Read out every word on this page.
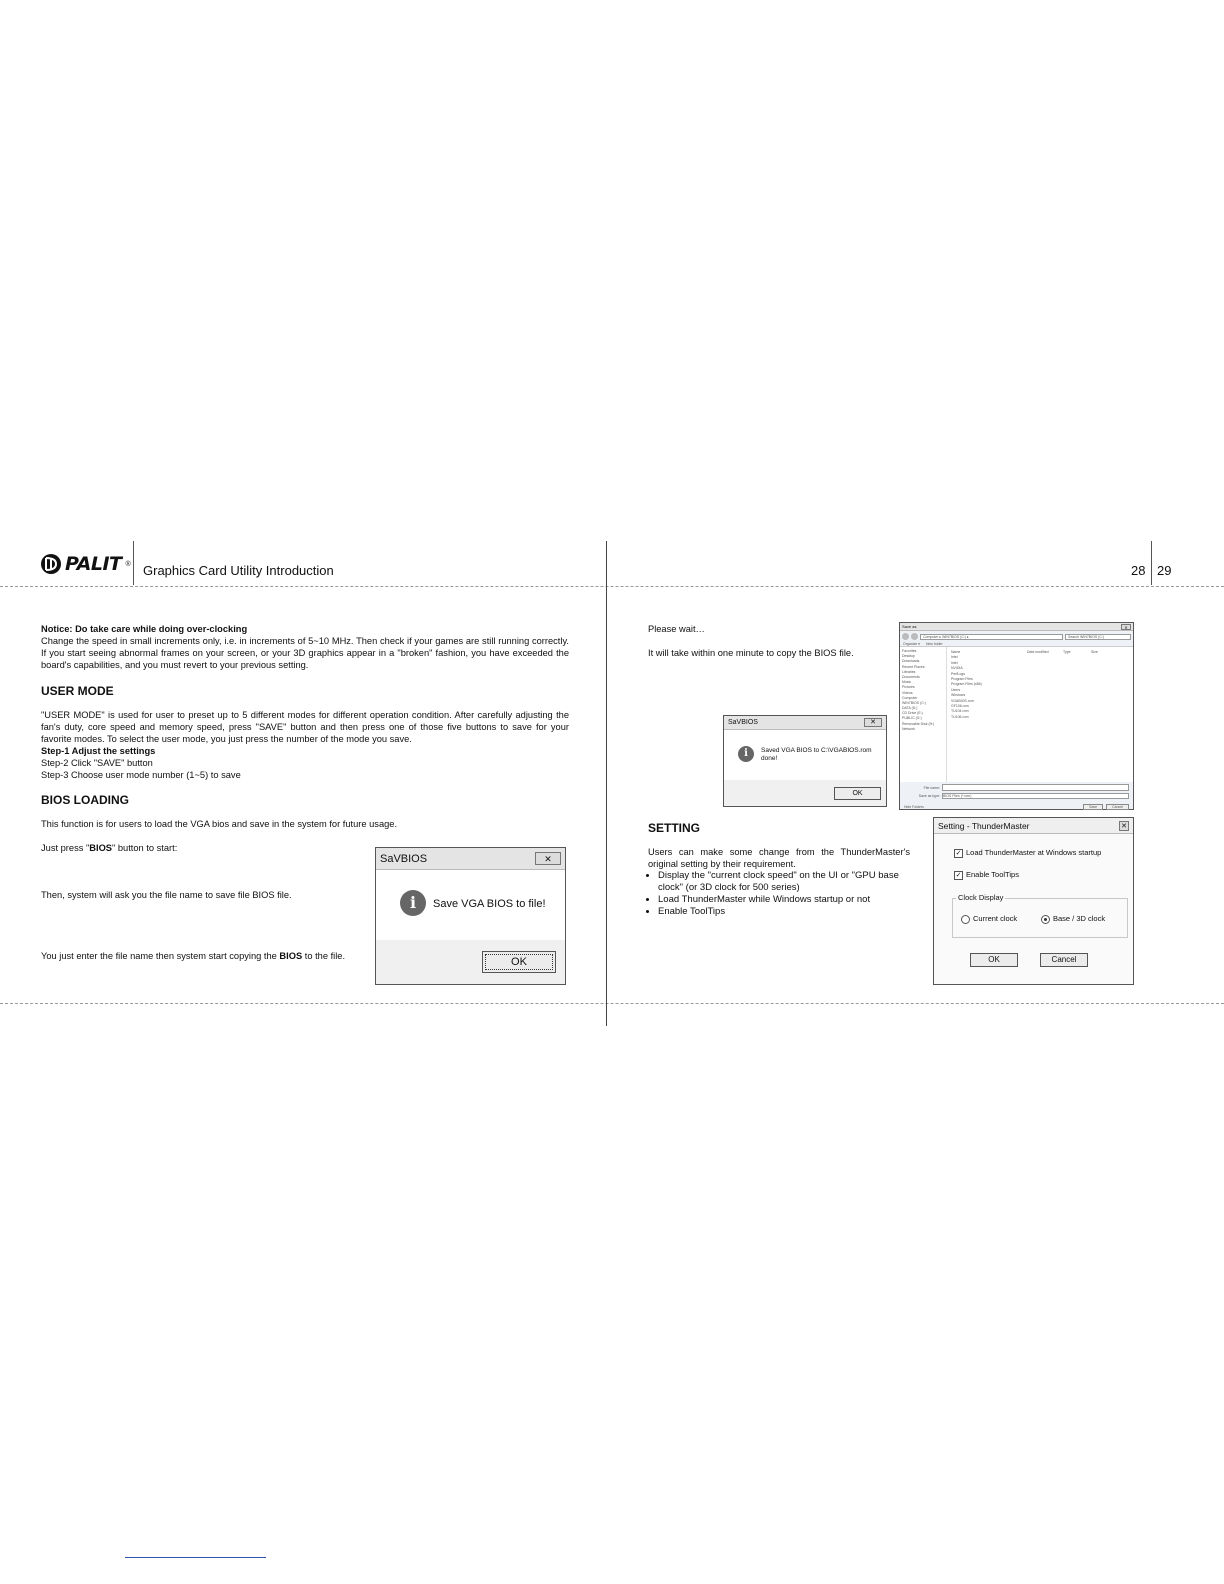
PALIT ® Graphics Card Utility Introduction	28 29

Notice: Do take care while doing over-clocking

Change the speed in small increments only, i.e. in increments of 5~10 MHz. Then check if your games are still running correctly. If you start seeing abnormal frames on your screen, or your 3D graphics appear in a "broken" fashion, you have exceeded the board's capabilities, and you must revert to your previous setting.

USER MODE

"USER MODE" is used for user to preset up to 5 different modes for different operation condition. After carefully adjusting the fan's duty, core speed and memory speed, press "SAVE" button and then press one of those five buttons to save for your favorite modes. To select the user mode, you just press the number of the mode you save.

Step-1 Adjust the settings

Step-2 Click "SAVE" button

Step-3 Choose user mode number (1~5) to save

BIOS LOADING
This function is for users to load the VGA bios and save in the system for future usage.
Just press "BIOS" button to start:
Then, system will ask you the file name to save file BIOS file.
You just enter the file name then system start copying the BIOS to the file.
SaVBIOS	✕
i	Save VGA BIOS to file!
OK
Please wait…
It will take within one minute to copy the BIOS file.
Save as	✕
Computer ▸ WIN7BIOS (C:) ▸	Search WIN7BIOS (C:)
Organize ▾ New folder
Favorites
Desktop
Downloads
Recent Places
Libraries
Documents
Music
Pictures
Videos
Computer
WIN7BIOS (C:)
DATA (D:)
CD Drive (E:)
PUBLIC (G:)
Removable Disk (H:)
Network
Name	Date modified	Type	Size
Intel
Intel
NVIDIA
PerfLogs
Program Files
Program Files (x86)
Users
Windows
VGABIOS.rom
GF106.rom
TU104.rom
TU106.rom
File name:
Save as type: BIOS Files (*.rom)
Hide Folders	Save	Cancel
SaVBIOS	✕
i	Saved VGA BIOS to C:\VGABIOS.rom
done!
OK
SETTING

Users can make some change from the ThunderMaster's original setting by their requirement.

• Display the "current clock speed" on the UI or "GPU base clock" (or 3D clock for 500 series)
• Load ThunderMaster while Windows startup or not
• Enable ToolTips
Setting - ThunderMaster	✕
✓ Load ThunderMaster at Windows startup
✓ Enable ToolTips
Clock Display
Current clock	Base / 3D clock
OK	Cancel
